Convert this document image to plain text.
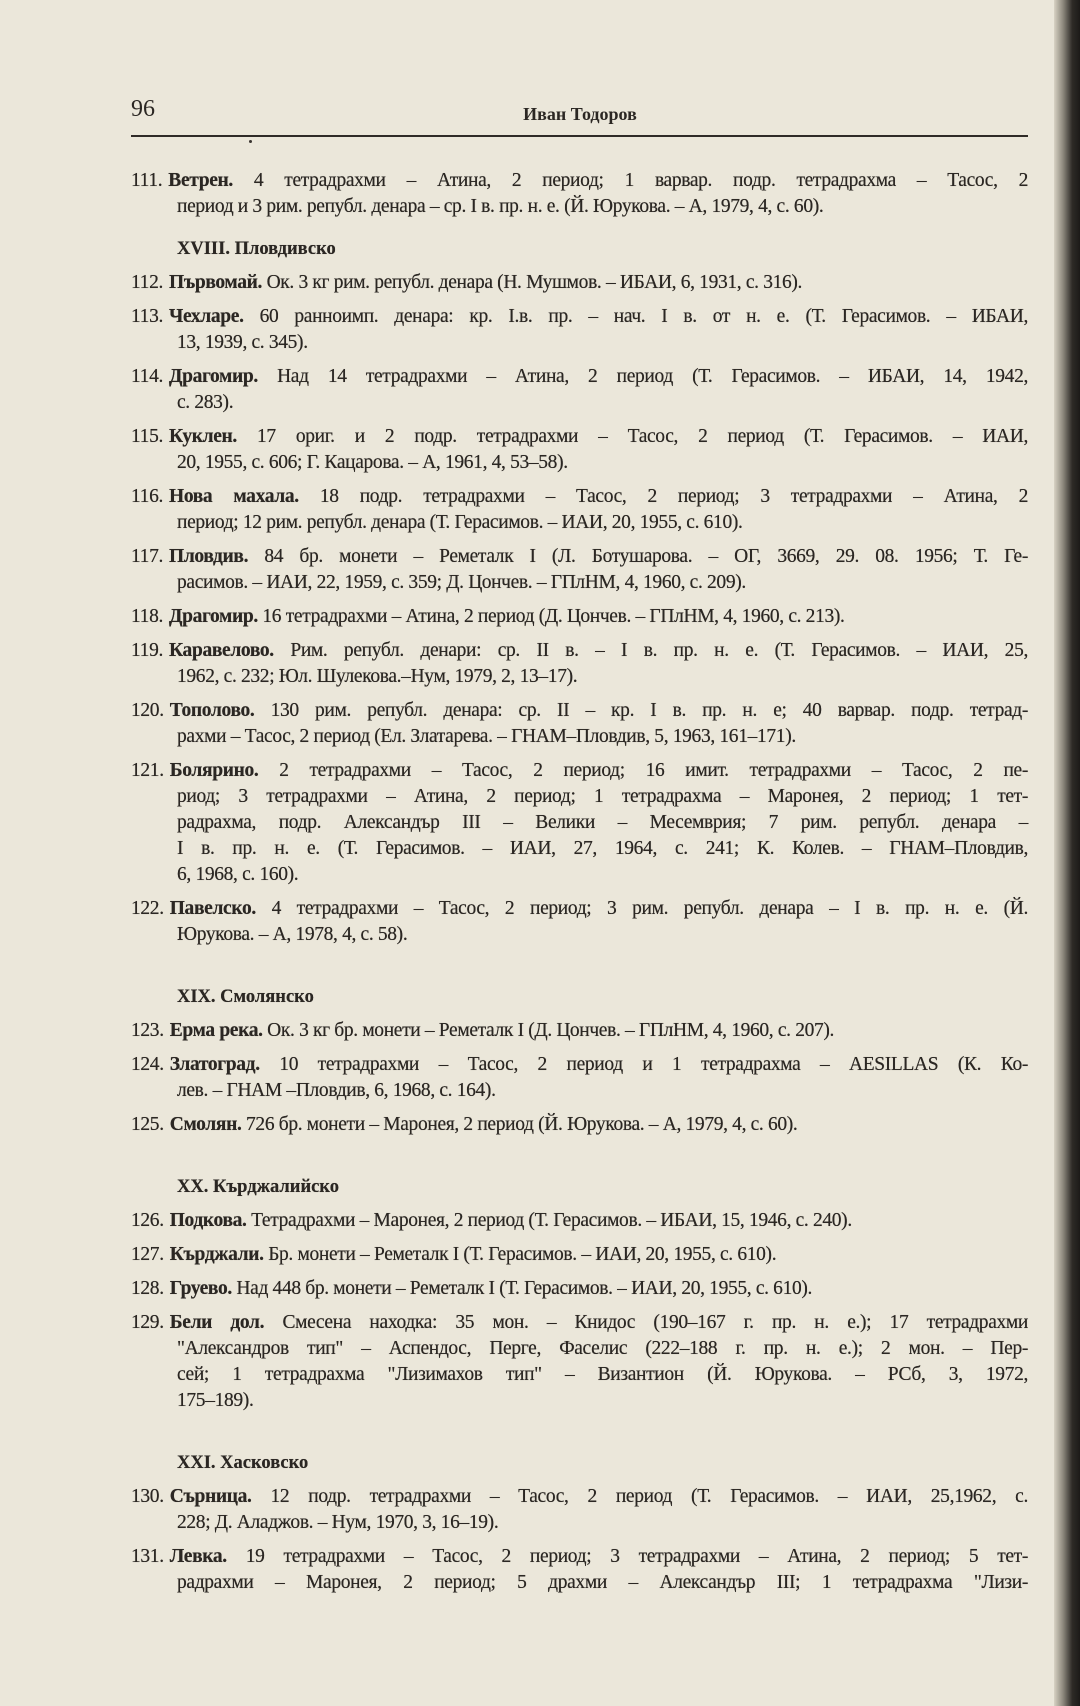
96	Иван Тодоров
111. Ветрен. 4 тетрадрахми – Атина, 2 период; 1 варвар. подр. тетрадрахма – Тасос, 2
период и 3 рим. републ. денара – ср. I в. пр. н. е. (Й. Юрукова. – А, 1979, 4, с. 60).
XVIII. Пловдивско
112. Първомай. Ок. 3 кг рим. републ. денара (Н. Мушмов. – ИБАИ, 6, 1931, с. 316).
113. Чехларе. 60 ранноимп. денара: кр. I.в. пр. – нач. I в. от н. е. (Т. Герасимов. – ИБАИ,
13, 1939, с. 345).
114. Драгомир. Над 14 тетрадрахми – Атина, 2 период (Т. Герасимов. – ИБАИ, 14, 1942,
с. 283).
115. Куклен. 17 ориг. и 2 подр. тетрадрахми – Тасос, 2 период (Т. Герасимов. – ИАИ,
20, 1955, с. 606; Г. Кацарова. – А, 1961, 4, 53–58).
116. Нова махала. 18 подр. тетрадрахми – Тасос, 2 период; 3 тетрадрахми – Атина, 2
период; 12 рим. републ. денара (Т. Герасимов. – ИАИ, 20, 1955, с. 610).
117. Пловдив. 84 бр. монети – Реметалк I (Л. Ботушарова. – ОГ, 3669, 29. 08. 1956; Т. Ге-
расимов. – ИАИ, 22, 1959, с. 359; Д. Цончев. – ГПлНМ, 4, 1960, с. 209).
118. Драгомир. 16 тетрадрахми – Атина, 2 период (Д. Цончев. – ГПлНМ, 4, 1960, с. 213).
119. Каравелово. Рим. републ. денари: ср. II в. – I в. пр. н. е. (Т. Герасимов. – ИАИ, 25,
1962, с. 232; Юл. Шулекова.–Нум, 1979, 2, 13–17).
120. Тополово. 130 рим. републ. денара: ср. II – кр. I в. пр. н. е; 40 варвар. подр. тетрад-
рахми – Тасос, 2 период (Ел. Златарева. – ГНАМ–Пловдив, 5, 1963, 161–171).
121. Болярино. 2 тетрадрахми – Тасос, 2 период; 16 имит. тетрадрахми – Тасос, 2 пе-
риод; 3 тетрадрахми – Атина, 2 период; 1 тетрадрахма – Маронея, 2 период; 1 тет-
радрахма, подр. Александър III – Велики – Месемврия; 7 рим. републ. денара –
I в. пр. н. е. (Т. Герасимов. – ИАИ, 27, 1964, с. 241; К. Колев. – ГНАМ–Пловдив,
6, 1968, с. 160).
122. Павелско. 4 тетрадрахми – Тасос, 2 период; 3 рим. републ. денара – I в. пр. н. е. (Й.
Юрукова. – А, 1978, 4, с. 58).
XIX. Смолянско
123. Ерма река. Ок. 3 кг бр. монети – Реметалк I (Д. Цончев. – ГПлНМ, 4, 1960, с. 207).
124. Златоград. 10 тетрадрахми – Тасос, 2 период и 1 тетрадрахма – AESILLAS (К. Ко-
лев. – ГНАМ –Пловдив, 6, 1968, с. 164).
125. Смолян. 726 бр. монети – Маронея, 2 период (Й. Юрукова. – А, 1979, 4, с. 60).
XX. Кърджалийско
126. Подкова. Тетрадрахми – Маронея, 2 период (Т. Герасимов. – ИБАИ, 15, 1946, с. 240).
127. Кърджали. Бр. монети – Реметалк I (Т. Герасимов. – ИАИ, 20, 1955, с. 610).
128. Груево. Над 448 бр. монети – Реметалк I (Т. Герасимов. – ИАИ, 20, 1955, с. 610).
129. Бели дол. Смесена находка: 35 мон. – Книдос (190–167 г. пр. н. е.); 17 тетрадрахми
"Александров тип" – Аспендос, Перге, Фаселис (222–188 г. пр. н. е.); 2 мон. – Пер-
сей; 1 тетрадрахма "Лизимахов тип" – Византион (Й. Юрукова. – РСб, 3, 1972,
175–189).
XXI. Хасковско
130. Сърница. 12 подр. тетрадрахми – Тасос, 2 период (Т. Герасимов. – ИАИ, 25,1962, с.
228; Д. Аладжов. – Нум, 1970, 3, 16–19).
131. Левка. 19 тетрадрахми – Тасос, 2 период; 3 тетрадрахми – Атина, 2 период; 5 тет-
радрахми – Маронея, 2 период; 5 драхми – Александър III; 1 тетрадрахма "Лизи-
